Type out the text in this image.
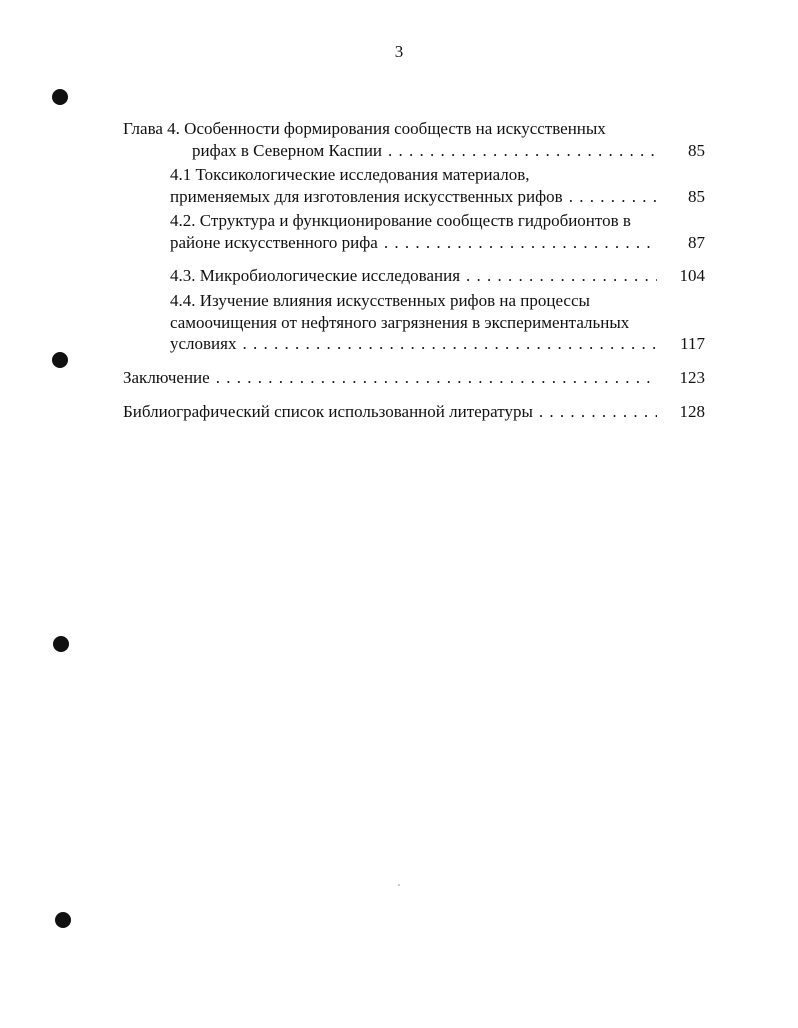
3
Глава 4. Особенности формирования сообществ на искусственных
рифах в Северном Каспии . . .	85
4.1 Токсикологические исследования материалов,
применяемых для изготовления искусственных рифов . . .	85
4.2. Структура и функционирование сообществ гидробионтов в
районе искусственного рифа . . .	87
4.3. Микробиологические исследования . . .	104
4.4. Изучение влияния искусственных рифов на процессы
самоочищения от нефтяного загрязнения в экспериментальных
условиях . . .	117
Заключение . . .	123
Библиографический список использованной литературы . . .	128
